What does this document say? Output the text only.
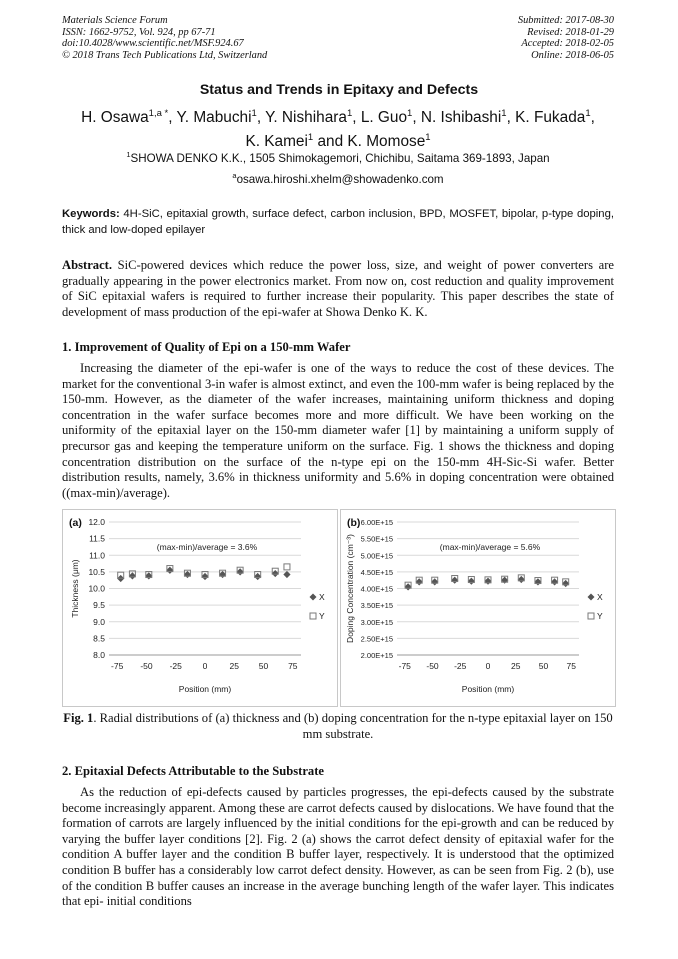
Materials Science Forum
ISSN: 1662-9752, Vol. 924, pp 67-71
doi:10.4028/www.scientific.net/MSF.924.67
© 2018 Trans Tech Publications Ltd, Switzerland
Submitted: 2017-08-30
Revised: 2018-01-29
Accepted: 2018-02-05
Online: 2018-06-05
Status and Trends in Epitaxy and Defects
H. Osawa$^{1,a *}$, Y. Mabuchi$^1$, Y. Nishihara$^1$, L. Guo$^1$, N. Ishibashi$^1$, K. Fukada$^1$,
K. Kamei$^1$ and K. Momose$^1$
$^1$SHOWA DENKO K.K., 1505 Shimokagemori, Chichibu, Saitama 369-1893, Japan
$^a$osawa.hiroshi.xhelm@showadenko.com
Keywords: 4H-SiC, epitaxial growth, surface defect, carbon inclusion, BPD, MOSFET, bipolar, p-type doping, thick and low-doped epilayer
Abstract. SiC-powered devices which reduce the power loss, size, and weight of power converters are gradually appearing in the power electronics market. From now on, cost reduction and quality improvement of SiC epitaxial wafers is required to further increase their popularity. This paper describes the state of development of mass production of the epi-wafer at Showa Denko K. K.
1. Improvement of Quality of Epi on a 150-mm Wafer
Increasing the diameter of the epi-wafer is one of the ways to reduce the cost of these devices. The market for the conventional 3-in wafer is almost extinct, and even the 100-mm wafer is being replaced by the 150-mm. However, as the diameter of the wafer increases, maintaining uniform thickness and doping concentration in the wafer surface becomes more and more difficult. We have been working on the uniformity of the epitaxial layer on the 150-mm diameter wafer [1] by maintaining a uniform supply of precursor gas and keeping the temperature uniform on the surface. Fig. 1 shows the thickness and doping concentration distribution on the surface of the n-type epi on the 150-mm 4H-Sic-Si wafer. Better distribution results, namely, 3.6% in thickness uniformity and 5.6% in doping concentration were obtained ((max-min)/average).
8.0
8.5
9.0
9.5
10.0
10.5
11.0
11.5
12.0
-75 -50 -25 0	25 50 75
(a)
(max-min)/average = 3.6%
Position (mm)
Thickness (μm)	X
Y
2.00E+15
2.50E+15
3.00E+15
3.50E+15
4.00E+15
4.50E+15
5.00E+15
5.50E+15
6.00E+15
-75 -50 -25 0 25 50 75
(b)
(max-min)/average = 5.6%
Position (mm)
Doping Concentration (cm⁻³)	X
Y
Fig. 1. Radial distributions of (a) thickness and (b) doping concentration for the n-type epitaxial layer on 150 mm substrate.
2. Epitaxial Defects Attributable to the Substrate
As the reduction of epi-defects caused by particles progresses, the epi-defects caused by the substrate become increasingly apparent. Among these are carrot defects caused by dislocations. We have found that the formation of carrots are largely influenced by the initial conditions for the epi-growth and can be reduced by varying the buffer layer conditions [2]. Fig. 2 (a) shows the carrot defect density of epitaxial wafer for the condition A buffer layer and the condition B buffer layer, respectively. It is understood that the optimized condition B buffer has a considerably low carrot defect density. However, as can be seen from Fig. 2 (b), use of the condition B buffer causes an increase in the average bunching length of the wafer layer. This indicates that epi- initial conditions
